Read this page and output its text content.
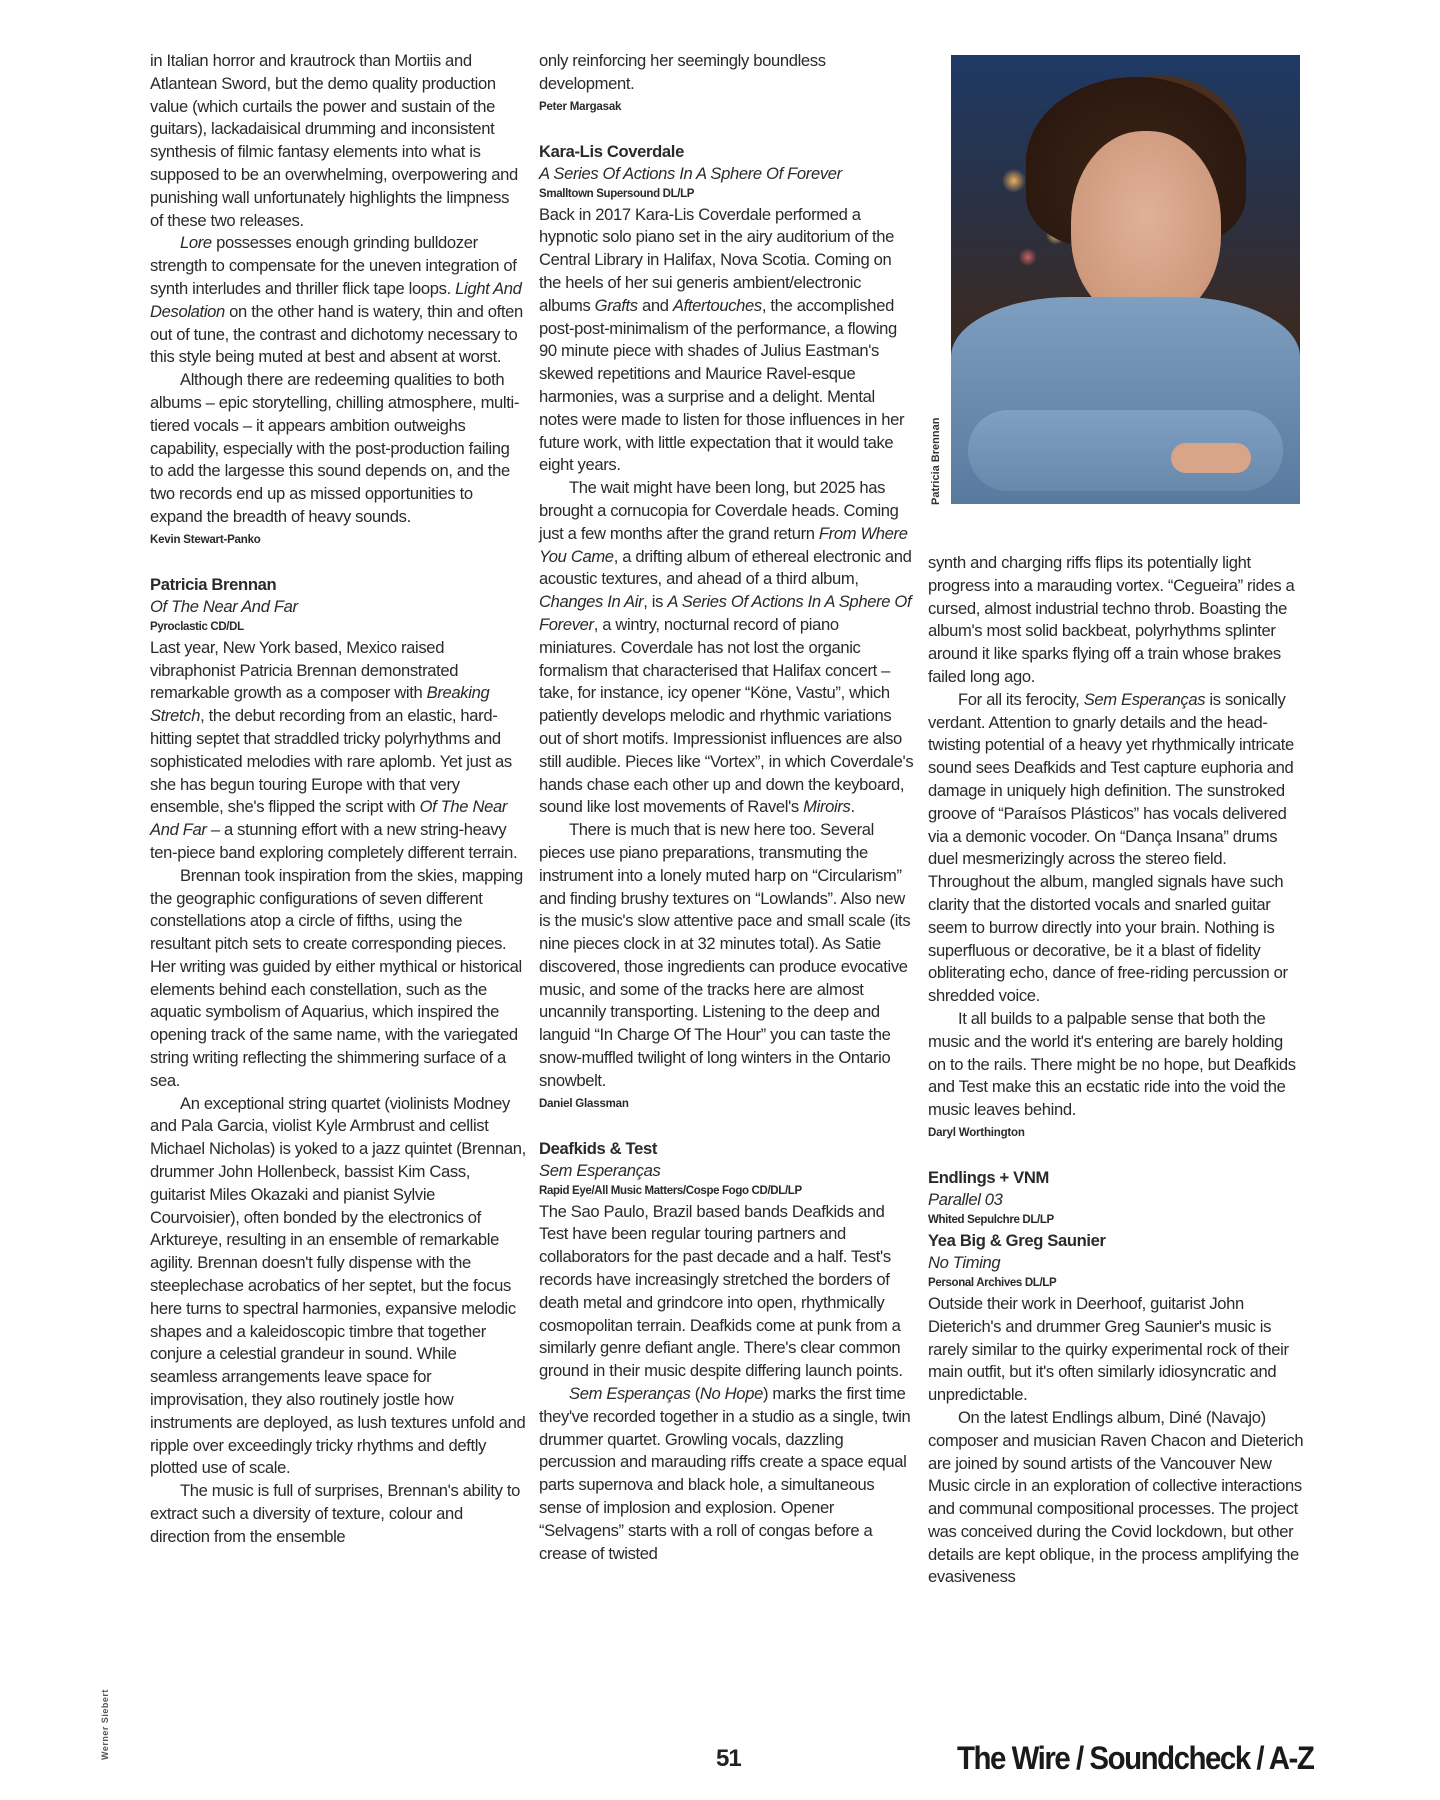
in Italian horror and krautrock than Mortiis and Atlantean Sword, but the demo quality production value (which curtails the power and sustain of the guitars), lackadaisical drumming and inconsistent synthesis of filmic fantasy elements into what is supposed to be an overwhelming, overpowering and punishing wall unfortunately highlights the limpness of these two releases.

Lore possesses enough grinding bulldozer strength to compensate for the uneven integration of synth interludes and thriller flick tape loops. Light And Desolation on the other hand is watery, thin and often out of tune, the contrast and dichotomy necessary to this style being muted at best and absent at worst.

Although there are redeeming qualities to both albums – epic storytelling, chilling atmosphere, multi-tiered vocals – it appears ambition outweighs capability, especially with the post-production failing to add the largesse this sound depends on, and the two records end up as missed opportunities to expand the breadth of heavy sounds.

Kevin Stewart-Panko
Patricia Brennan
Of The Near And Far
Pyroclastic CD/DL

Last year, New York based, Mexico raised vibraphonist Patricia Brennan demonstrated remarkable growth as a composer with Breaking Stretch, the debut recording from an elastic, hard-hitting septet that straddled tricky polyrhythms and sophisticated melodies with rare aplomb. Yet just as she has begun touring Europe with that very ensemble, she's flipped the script with Of The Near And Far – a stunning effort with a new string-heavy ten-piece band exploring completely different terrain.

Brennan took inspiration from the skies, mapping the geographic configurations of seven different constellations atop a circle of fifths, using the resultant pitch sets to create corresponding pieces. Her writing was guided by either mythical or historical elements behind each constellation, such as the aquatic symbolism of Aquarius, which inspired the opening track of the same name, with the variegated string writing reflecting the shimmering surface of a sea.

An exceptional string quartet (violinists Modney and Pala Garcia, violist Kyle Armbrust and cellist Michael Nicholas) is yoked to a jazz quintet (Brennan, drummer John Hollenbeck, bassist Kim Cass, guitarist Miles Okazaki and pianist Sylvie Courvoisier), often bonded by the electronics of Arktureye, resulting in an ensemble of remarkable agility. Brennan doesn't fully dispense with the steeplechase acrobatics of her septet, but the focus here turns to spectral harmonies, expansive melodic shapes and a kaleidoscopic timbre that together conjure a celestial grandeur in sound. While seamless arrangements leave space for improvisation, they also routinely jostle how instruments are deployed, as lush textures unfold and ripple over exceedingly tricky rhythms and deftly plotted use of scale.

The music is full of surprises, Brennan's ability to extract such a diversity of texture, colour and direction from the ensemble

only reinforcing her seemingly boundless development.

Peter Margasak
Kara-Lis Coverdale
A Series Of Actions In A Sphere Of Forever
Smalltown Supersound DL/LP

Back in 2017 Kara-Lis Coverdale performed a hypnotic solo piano set in the airy auditorium of the Central Library in Halifax, Nova Scotia. Coming on the heels of her sui generis ambient/electronic albums Grafts and Aftertouches, the accomplished post-post-minimalism of the performance, a flowing 90 minute piece with shades of Julius Eastman's skewed repetitions and Maurice Ravel-esque harmonies, was a surprise and a delight. Mental notes were made to listen for those influences in her future work, with little expectation that it would take eight years.

The wait might have been long, but 2025 has brought a cornucopia for Coverdale heads. Coming just a few months after the grand return From Where You Came, a drifting album of ethereal electronic and acoustic textures, and ahead of a third album, Changes In Air, is A Series Of Actions In A Sphere Of Forever, a wintry, nocturnal record of piano miniatures. Coverdale has not lost the organic formalism that characterised that Halifax concert – take, for instance, icy opener “Köne, Vastu”, which patiently develops melodic and rhythmic variations out of short motifs. Impressionist influences are also still audible. Pieces like “Vortex”, in which Coverdale's hands chase each other up and down the keyboard, sound like lost movements of Ravel's Miroirs.

There is much that is new here too. Several pieces use piano preparations, transmuting the instrument into a lonely muted harp on “Circularism” and finding brushy textures on “Lowlands”. Also new is the music's slow attentive pace and small scale (its nine pieces clock in at 32 minutes total). As Satie discovered, those ingredients can produce evocative music, and some of the tracks here are almost uncannily transporting. Listening to the deep and languid “In Charge Of The Hour” you can taste the snow-muffled twilight of long winters in the Ontario snowbelt.

Daniel Glassman
Deafkids & Test
Sem Esperanças
Rapid Eye/All Music Matters/Cospe Fogo CD/DL/LP

The Sao Paulo, Brazil based bands Deafkids and Test have been regular touring partners and collaborators for the past decade and a half. Test's records have increasingly stretched the borders of death metal and grindcore into open, rhythmically cosmopolitan terrain. Deafkids come at punk from a similarly genre defiant angle. There's clear common ground in their music despite differing launch points.

Sem Esperanças (No Hope) marks the first time they've recorded together in a studio as a single, twin drummer quartet. Growling vocals, dazzling percussion and marauding riffs create a space equal parts supernova and black hole, a simultaneous sense of implosion and explosion. Opener “Selvagens” starts with a roll of congas before a crease of twisted

Patricia Brennan

synth and charging riffs flips its potentially light progress into a marauding vortex. “Cegueira” rides a cursed, almost industrial techno throb. Boasting the album's most solid backbeat, polyrhythms splinter around it like sparks flying off a train whose brakes failed long ago.

For all its ferocity, Sem Esperanças is sonically verdant. Attention to gnarly details and the head-twisting potential of a heavy yet rhythmically intricate sound sees Deafkids and Test capture euphoria and damage in uniquely high definition. The sunstroked groove of “Paraísos Plásticos” has vocals delivered via a demonic vocoder. On “Dança Insana” drums duel mesmerizingly across the stereo field. Throughout the album, mangled signals have such clarity that the distorted vocals and snarled guitar seem to burrow directly into your brain. Nothing is superfluous or decorative, be it a blast of fidelity obliterating echo, dance of free-riding percussion or shredded voice.

It all builds to a palpable sense that both the music and the world it's entering are barely holding on to the rails. There might be no hope, but Deafkids and Test make this an ecstatic ride into the void the music leaves behind.

Daryl Worthington
Endlings + VNM
Parallel 03
Whited Sepulchre DL/LP
Yea Big & Greg Saunier
No Timing
Personal Archives DL/LP

Outside their work in Deerhoof, guitarist John Dieterich's and drummer Greg Saunier's music is rarely similar to the quirky experimental rock of their main outfit, but it's often similarly idiosyncratic and unpredictable.

On the latest Endlings album, Diné (Navajo) composer and musician Raven Chacon and Dieterich are joined by sound artists of the Vancouver New Music circle in an exploration of collective interactions and communal compositional processes. The project was conceived during the Covid lockdown, but other details are kept oblique, in the process amplifying the evasiveness

Werner Siebert	51	The Wire / Soundcheck / A-Z
